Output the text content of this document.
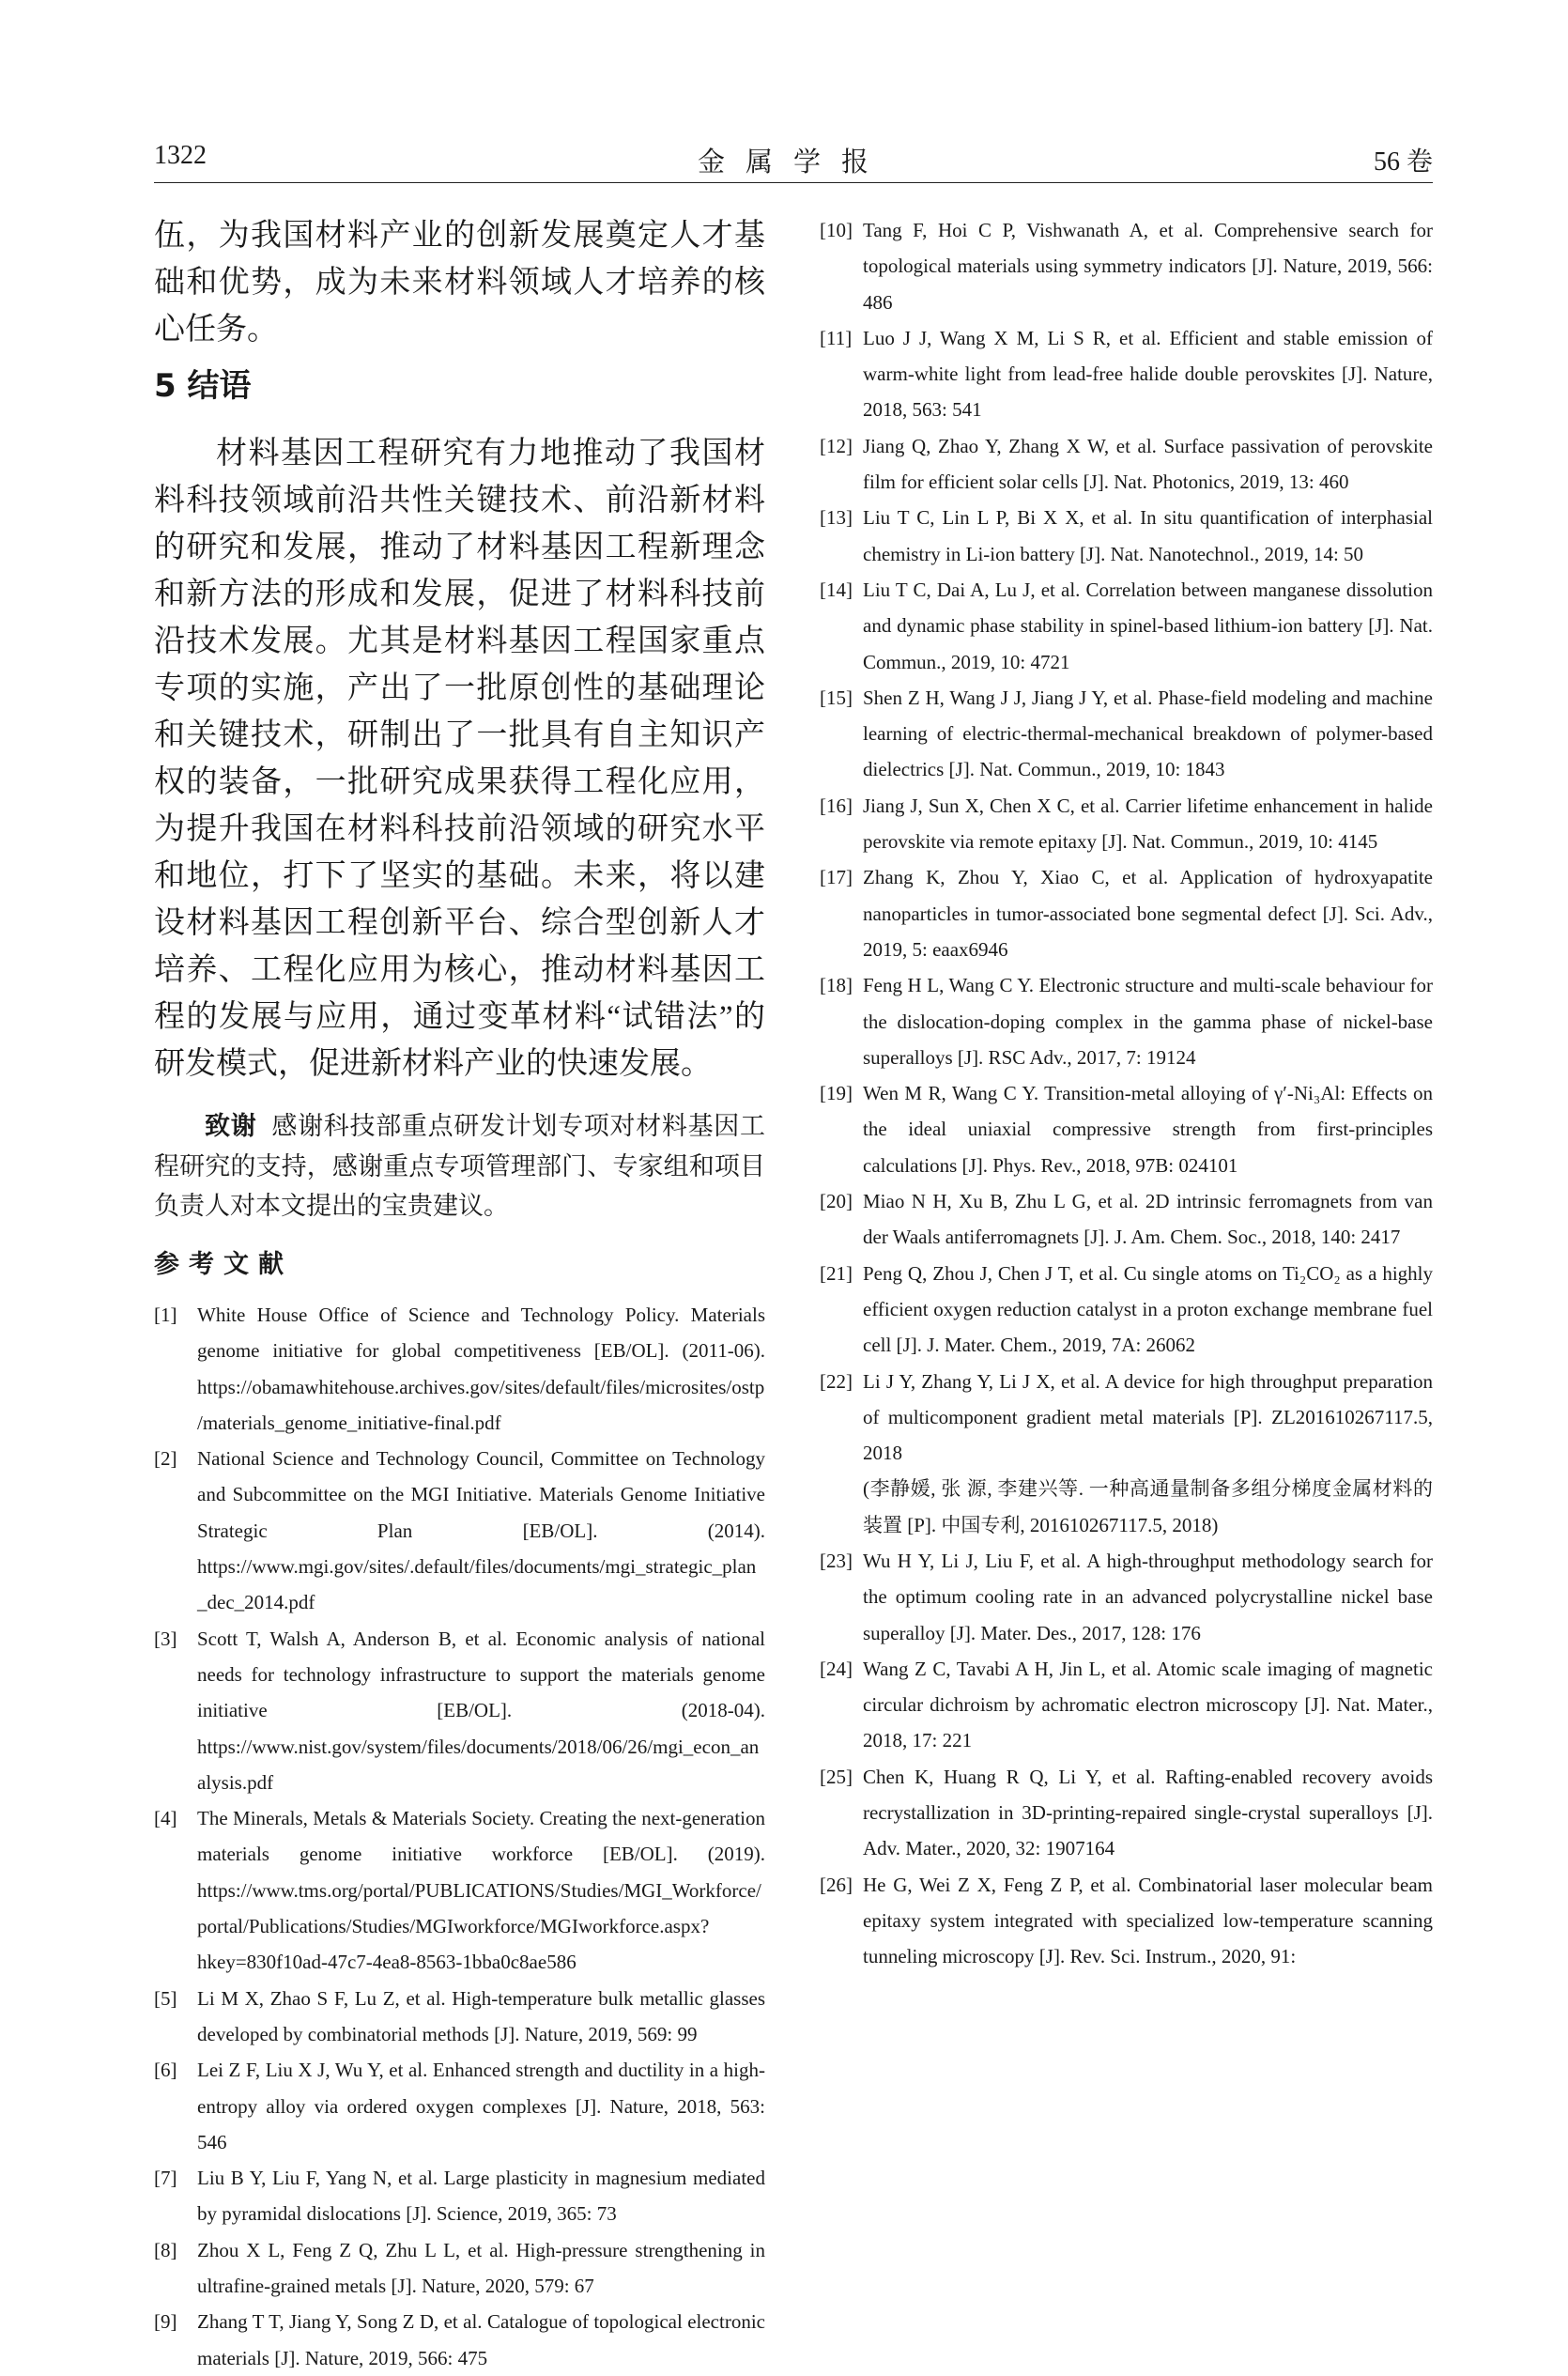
1322	金属学报	56 卷

伍，为我国材料产业的创新发展奠定人才基础和优势，成为未来材料领域人才培养的核心任务。

5 结语

材料基因工程研究有力地推动了我国材料科技领域前沿共性关键技术、前沿新材料的研究和发展，推动了材料基因工程新理念和新方法的形成和发展，促进了材料科技前沿技术发展。尤其是材料基因工程国家重点专项的实施，产出了一批原创性的基础理论和关键技术，研制出了一批具有自主知识产权的装备，一批研究成果获得工程化应用，为提升我国在材料科技前沿领域的研究水平和地位，打下了坚实的基础。未来，将以建设材料基因工程创新平台、综合型创新人才培养、工程化应用为核心，推动材料基因工程的发展与应用，通过变革材料“试错法”的研发模式，促进新材料产业的快速发展。

致谢 感谢科技部重点研发计划专项对材料基因工程研究的支持，感谢重点专项管理部门、专家组和项目负责人对本文提出的宝贵建议。

参考文献

[1] White House Office of Science and Technology Policy. Materials genome initiative for global competitiveness [EB/OL]. (2011-06). https://obamawhitehouse.archives.gov/sites/default/files/microsites/ostp/materials_genome_initiative-final.pdf

[2] National Science and Technology Council, Committee on Technology and Subcommittee on the MGI Initiative. Materials Genome Initiative Strategic Plan [EB/OL]. (2014). https://www.mgi.gov/sites/.default/files/documents/mgi_strategic_plan_dec_2014.pdf

[3] Scott T, Walsh A, Anderson B, et al. Economic analysis of national needs for technology infrastructure to support the materials genome initiative [EB/OL]. (2018-04). https://www.nist.gov/system/files/documents/2018/06/26/mgi_econ_analysis.pdf

[4] The Minerals, Metals & Materials Society. Creating the next-generation materials genome initiative workforce [EB/OL]. (2019). https://www.tms.org/portal/PUBLICATIONS/Studies/MGI_Workforce/portal/Publications/Studies/MGIworkforce/MGIworkforce.aspx?hkey=830f10ad-47c7-4ea8-8563-1bba0c8ae586

[5] Li M X, Zhao S F, Lu Z, et al. High-temperature bulk metallic glasses developed by combinatorial methods [J]. Nature, 2019, 569: 99

[6] Lei Z F, Liu X J, Wu Y, et al. Enhanced strength and ductility in a high-entropy alloy via ordered oxygen complexes [J]. Nature, 2018, 563: 546

[7] Liu B Y, Liu F, Yang N, et al. Large plasticity in magnesium mediated by pyramidal dislocations [J]. Science, 2019, 365: 73

[8] Zhou X L, Feng Z Q, Zhu L L, et al. High-pressure strengthening in ultrafine-grained metals [J]. Nature, 2020, 579: 67

[9] Zhang T T, Jiang Y, Song Z D, et al. Catalogue of topological electronic materials [J]. Nature, 2019, 566: 475

[10] Tang F, Hoi C P, Vishwanath A, et al. Comprehensive search for topological materials using symmetry indicators [J]. Nature, 2019, 566: 486

[11] Luo J J, Wang X M, Li S R, et al. Efficient and stable emission of warm-white light from lead-free halide double perovskites [J]. Nature, 2018, 563: 541

[12] Jiang Q, Zhao Y, Zhang X W, et al. Surface passivation of perovskite film for efficient solar cells [J]. Nat. Photonics, 2019, 13: 460

[13] Liu T C, Lin L P, Bi X X, et al. In situ quantification of interphasial chemistry in Li-ion battery [J]. Nat. Nanotechnol., 2019, 14: 50

[14] Liu T C, Dai A, Lu J, et al. Correlation between manganese dissolution and dynamic phase stability in spinel-based lithium-ion battery [J]. Nat. Commun., 2019, 10: 4721

[15] Shen Z H, Wang J J, Jiang J Y, et al. Phase-field modeling and machine learning of electric-thermal-mechanical breakdown of polymer-based dielectrics [J]. Nat. Commun., 2019, 10: 1843

[16] Jiang J, Sun X, Chen X C, et al. Carrier lifetime enhancement in halide perovskite via remote epitaxy [J]. Nat. Commun., 2019, 10: 4145

[17] Zhang K, Zhou Y, Xiao C, et al. Application of hydroxyapatite nanoparticles in tumor-associated bone segmental defect [J]. Sci. Adv., 2019, 5: eaax6946

[18] Feng H L, Wang C Y. Electronic structure and multi-scale behaviour for the dislocation-doping complex in the gamma phase of nickel-base superalloys [J]. RSC Adv., 2017, 7: 19124

[19] Wen M R, Wang C Y. Transition-metal alloying of γ′-Ni₃Al: Effects on the ideal uniaxial compressive strength from first-principles calculations [J]. Phys. Rev., 2018, 97B: 024101

[20] Miao N H, Xu B, Zhu L G, et al. 2D intrinsic ferromagnets from van der Waals antiferromagnets [J]. J. Am. Chem. Soc., 2018, 140: 2417

[21] Peng Q, Zhou J, Chen J T, et al. Cu single atoms on Ti₂CO₂ as a highly efficient oxygen reduction catalyst in a proton exchange membrane fuel cell [J]. J. Mater. Chem., 2019, 7A: 26062

[22] Li J Y, Zhang Y, Li J X, et al. A device for high throughput preparation of multicomponent gradient metal materials [P]. ZL201610267117.5, 2018
(李静媛, 张 源, 李建兴等. 一种高通量制备多组分梯度金属材料的装置 [P]. 中国专利, 201610267117.5, 2018)

[23] Wu H Y, Li J, Liu F, et al. A high-throughput methodology search for the optimum cooling rate in an advanced polycrystalline nickel base superalloy [J]. Mater. Des., 2017, 128: 176

[24] Wang Z C, Tavabi A H, Jin L, et al. Atomic scale imaging of magnetic circular dichroism by achromatic electron microscopy [J]. Nat. Mater., 2018, 17: 221

[25] Chen K, Huang R Q, Li Y, et al. Rafting-enabled recovery avoids recrystallization in 3D-printing-repaired single-crystal superalloys [J]. Adv. Mater., 2020, 32: 1907164

[26] He G, Wei Z X, Feng Z P, et al. Combinatorial laser molecular beam epitaxy system integrated with specialized low-temperature scanning tunneling microscopy [J]. Rev. Sci. Instrum., 2020, 91:
